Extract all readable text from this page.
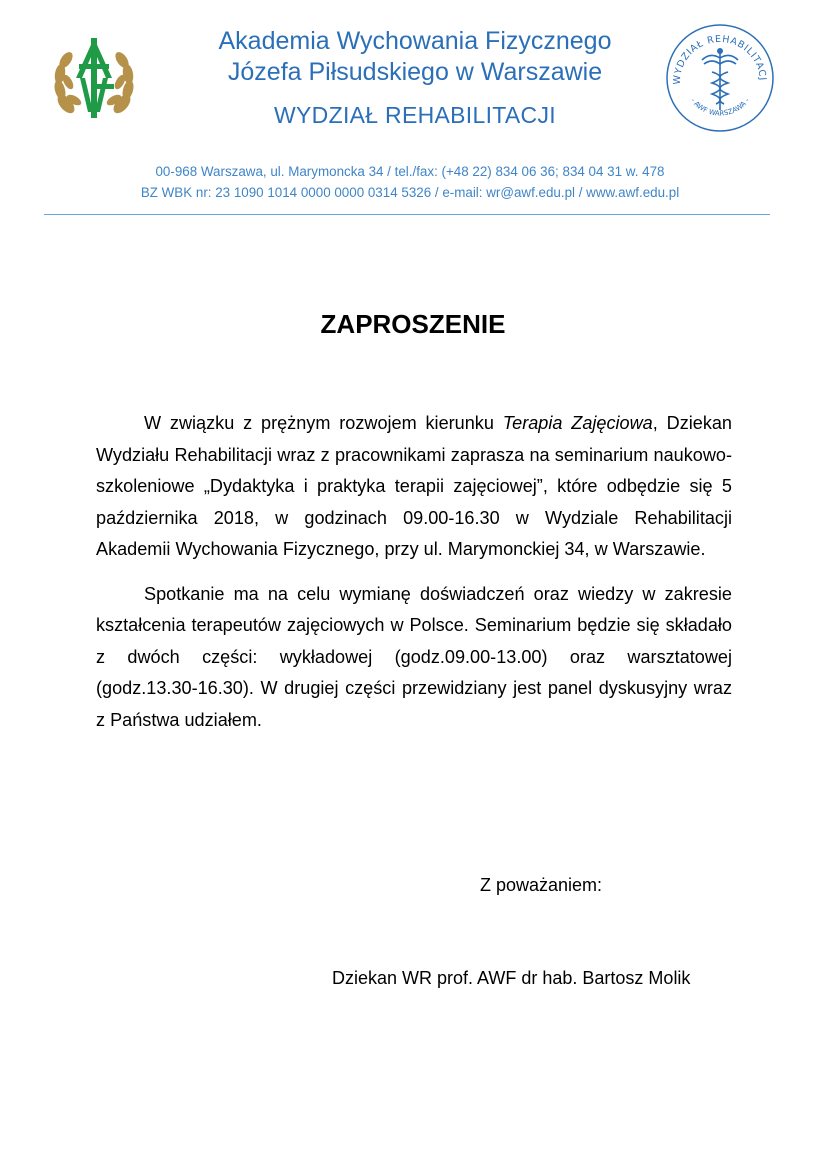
Akademia Wychowania Fizycznego
Józefa Piłsudskiego w Warszawie
WYDZIAŁ REHABILITACJI
WYDZIAŁ REHABILITACJ
- AWF WARSZAWA -
00-968 Warszawa, ul. Marymoncka 34 / tel./fax: (+48 22) 834 06 36; 834 04 31 w. 478
BZ WBK nr: 23 1090 1014 0000 0000 0314 5326 / e-mail: wr@awf.edu.pl / www.awf.edu.pl
ZAPROSZENIE

W związku z prężnym rozwojem kierunku Terapia Zajęciowa, Dziekan Wydziału Rehabilitacji wraz z pracownikami zaprasza na seminarium naukowo-szkoleniowe „Dydaktyka i praktyka terapii zajęciowej”, które odbędzie się 5 października 2018, w godzinach 09.00-16.30 w Wydziale Rehabilitacji Akademii Wychowania Fizycznego, przy ul. Marymonckiej 34, w Warszawie.

Spotkanie ma na celu wymianę doświadczeń oraz wiedzy w zakresie kształcenia terapeutów zajęciowych w Polsce. Seminarium będzie się składało z dwóch części: wykładowej (godz.09.00-13.00) oraz warsztatowej (godz.13.30-16.30). W drugiej części przewidziany jest panel dyskusyjny wraz z Państwa udziałem.

Z poważaniem:
Dziekan WR prof. AWF dr hab. Bartosz Molik
